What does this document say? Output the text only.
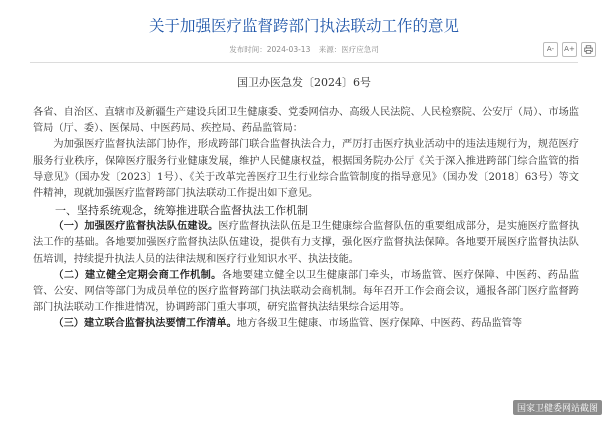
关于加强医疗监督跨部门执法联动工作的意见
发布时间：2024-03-13 来源：医疗应急司	A-	A+
国卫办医急发〔2024〕6号

各省、自治区、直辖市及新疆生产建设兵团卫生健康委、党委网信办、高级人民法院、人民检察院、公安厅（局）、市场监管局（厅、委）、医保局、中医药局、疾控局、药品监管局：

为加强医疗监督执法部门协作，形成跨部门联合监督执法合力，严厉打击医疗执业活动中的违法违规行为，规范医疗服务行业秩序，保障医疗服务行业健康发展，维护人民健康权益，根据国务院办公厅《关于深入推进跨部门综合监管的指导意见》（国办发〔2023〕1号）、《关于改革完善医疗卫生行业综合监管制度的指导意见》（国办发〔2018〕63号）等文件精神，现就加强医疗监督跨部门执法联动工作提出如下意见。

一、坚持系统观念，统筹推进联合监督执法工作机制

（一）加强医疗监督执法队伍建设。医疗监督执法队伍是卫生健康综合监督队伍的重要组成部分，是实施医疗监督执法工作的基础。各地要加强医疗监督执法队伍建设，提供有力支撑，强化医疗监督执法保障。各地要开展医疗监督执法队伍培训，持续提升执法人员的法律法规和医疗行业知识水平、执法技能。

（二）建立健全定期会商工作机制。各地要建立健全以卫生健康部门牵头，市场监管、医疗保障、中医药、药品监管、公安、网信等部门为成员单位的医疗监督跨部门执法联动会商机制。每年召开工作会商会议，通报各部门医疗监督跨部门执法联动工作推进情况，协调跨部门重大事项，研究监督执法结果综合运用等。

（三）建立联合监督执法要情工作清单。地方各级卫生健康、市场监管、医疗保障、中医药、药品监管等

国家卫健委网站截图
